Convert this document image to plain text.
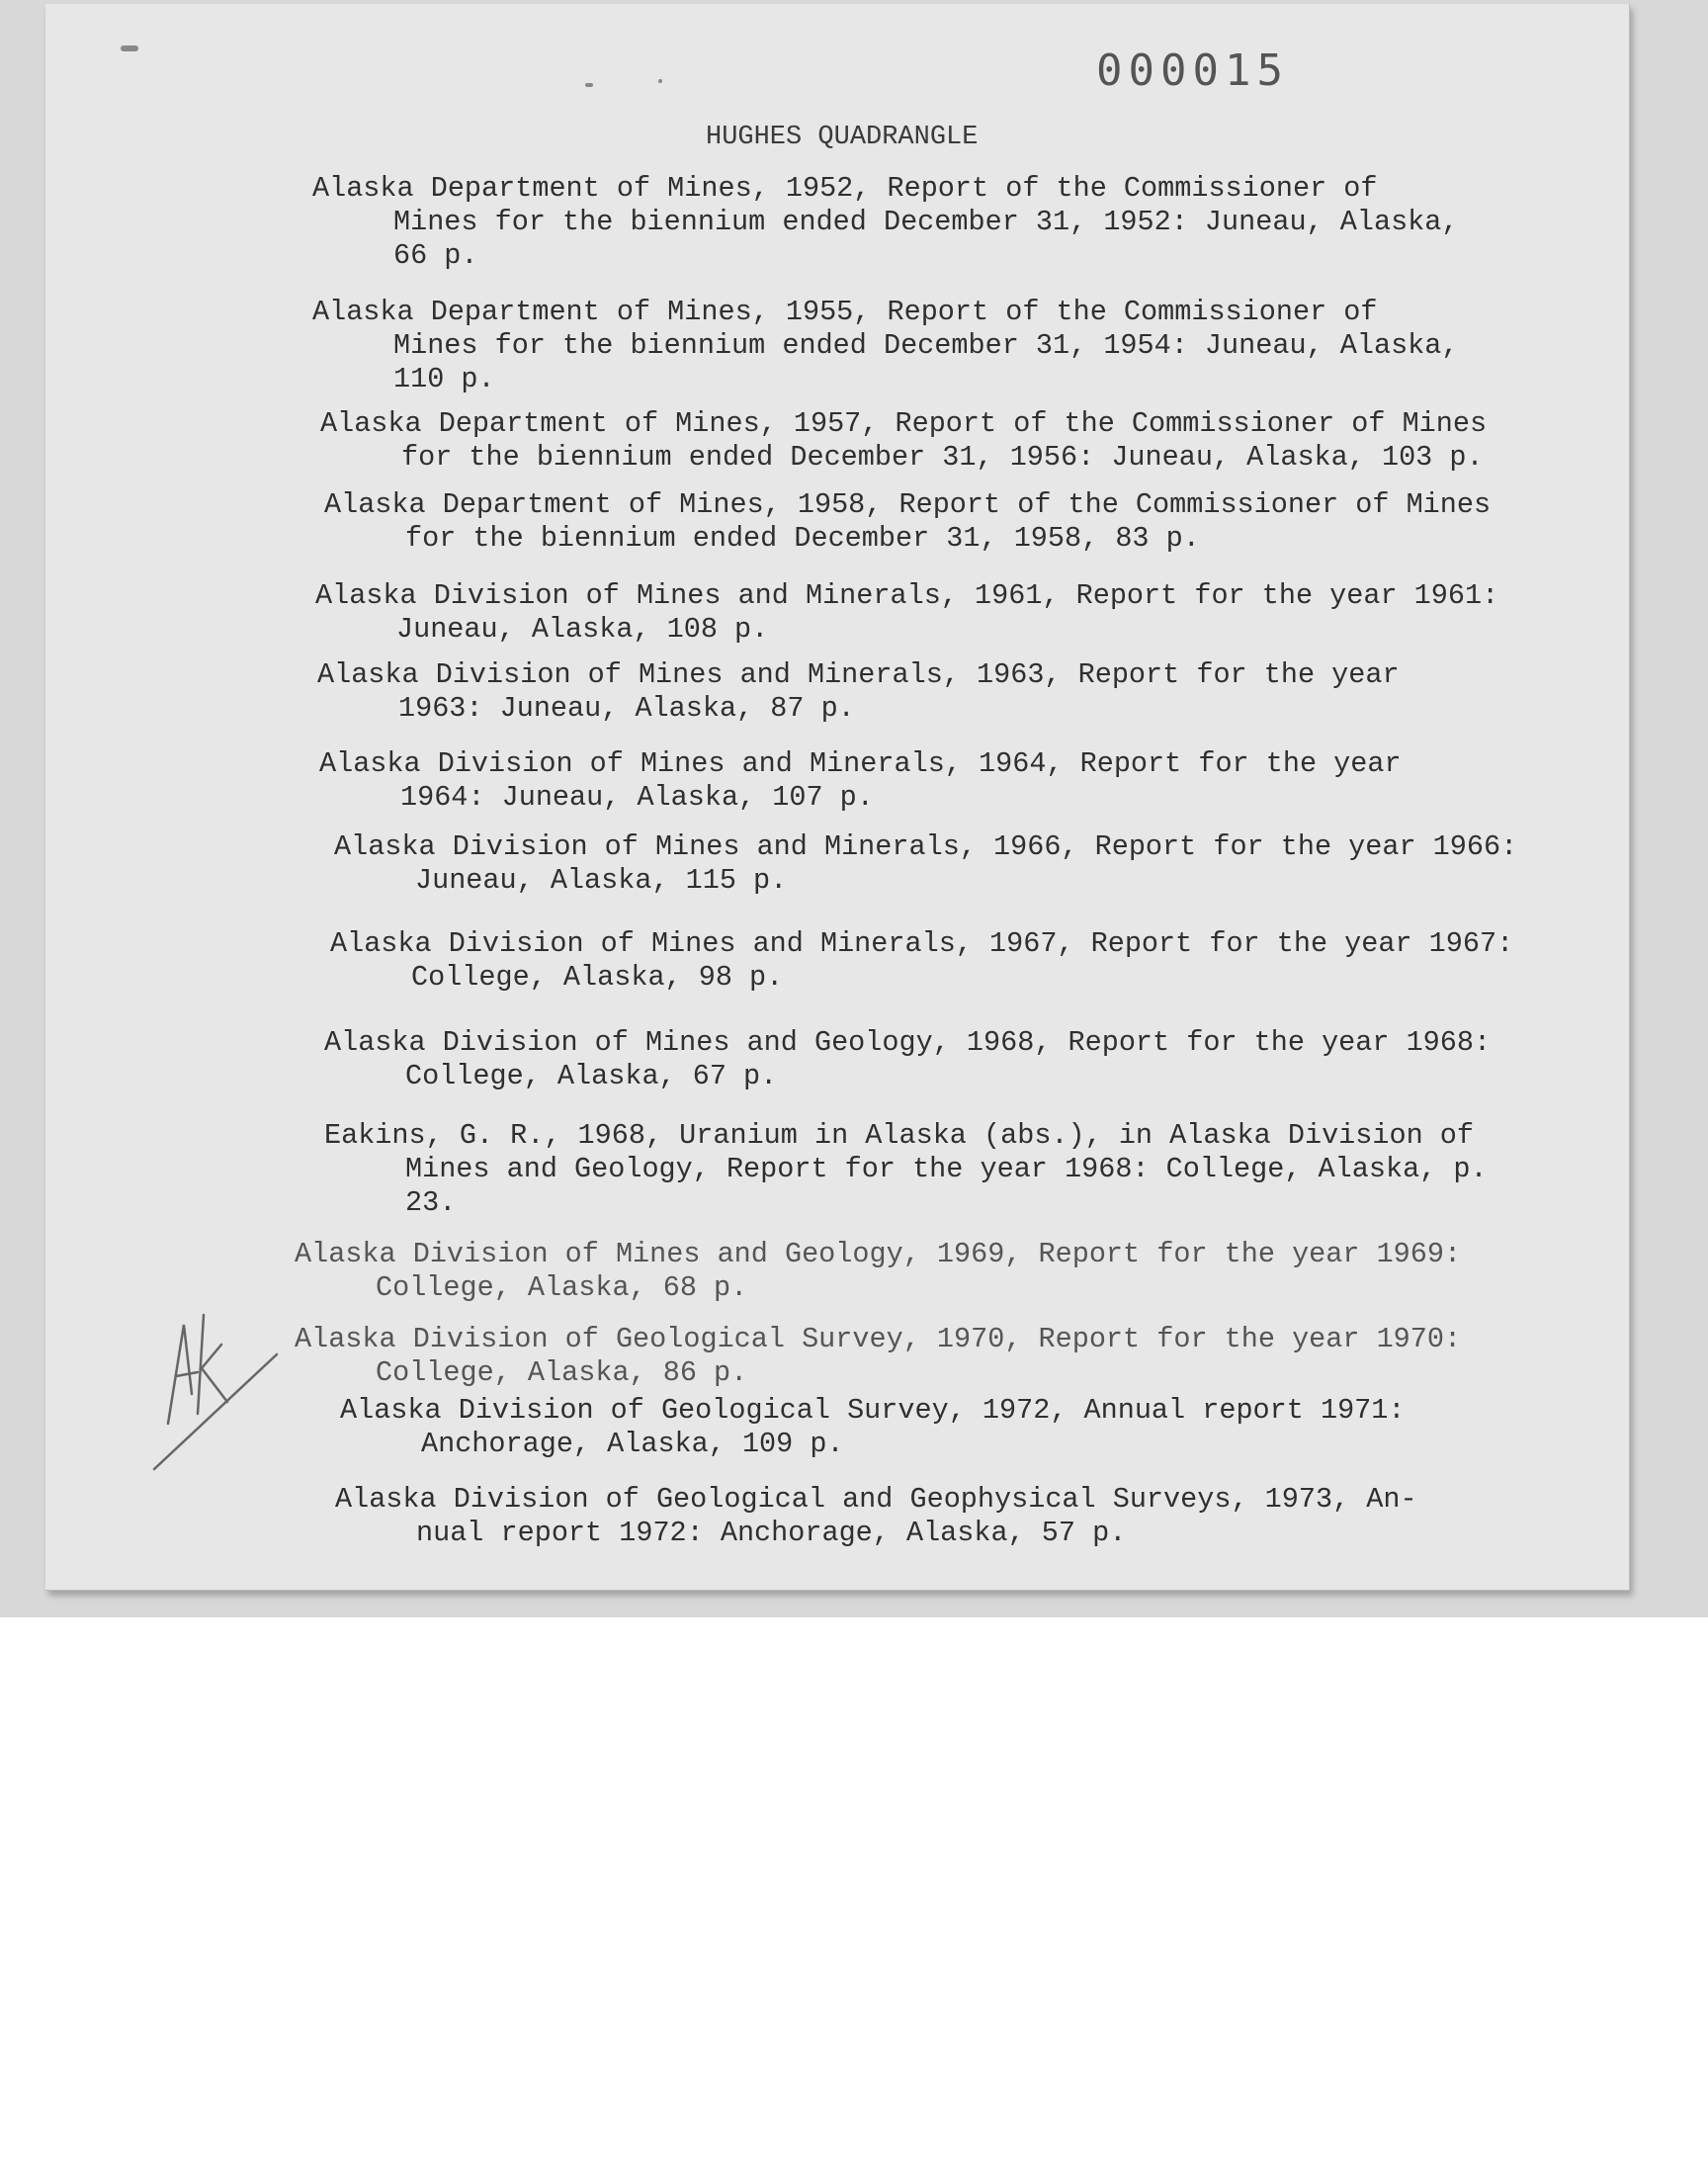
000015
HUGHES QUADRANGLE
Alaska Department of Mines, 1952, Report of the Commissioner of
Mines for the biennium ended December 31, 1952: Juneau, Alaska,
66 p.
Alaska Department of Mines, 1955, Report of the Commissioner of
Mines for the biennium ended December 31, 1954: Juneau, Alaska,
110 p.
Alaska Department of Mines, 1957, Report of the Commissioner of Mines
for the biennium ended December 31, 1956: Juneau, Alaska, 103 p.
Alaska Department of Mines, 1958, Report of the Commissioner of Mines
for the biennium ended December 31, 1958, 83 p.
Alaska Division of Mines and Minerals, 1961, Report for the year 1961:
Juneau, Alaska, 108 p.
Alaska Division of Mines and Minerals, 1963, Report for the year
1963: Juneau, Alaska, 87 p.
Alaska Division of Mines and Minerals, 1964, Report for the year
1964: Juneau, Alaska, 107 p.
Alaska Division of Mines and Minerals, 1966, Report for the year 1966:
Juneau, Alaska, 115 p.
Alaska Division of Mines and Minerals, 1967, Report for the year 1967:
College, Alaska, 98 p.
Alaska Division of Mines and Geology, 1968, Report for the year 1968:
College, Alaska, 67 p.
Eakins, G. R., 1968, Uranium in Alaska (abs.), in Alaska Division of
Mines and Geology, Report for the year 1968: College, Alaska, p.
23.
Alaska Division of Mines and Geology, 1969, Report for the year 1969:
College, Alaska, 68 p.
Alaska Division of Geological Survey, 1970, Report for the year 1970:
College, Alaska, 86 p.
Alaska Division of Geological Survey, 1972, Annual report 1971:
Anchorage, Alaska, 109 p.
Alaska Division of Geological and Geophysical Surveys, 1973, An-
nual report 1972: Anchorage, Alaska, 57 p.
